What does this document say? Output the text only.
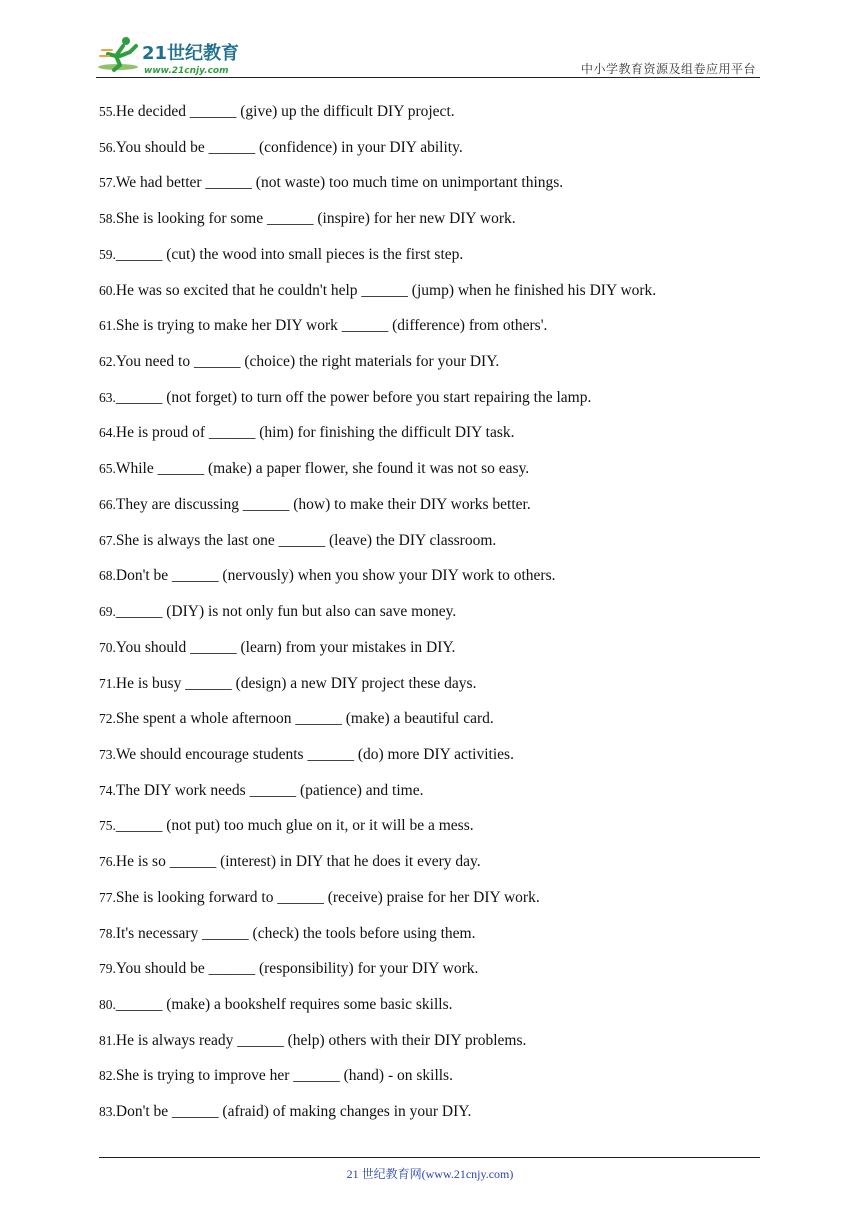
21世纪教育
www.21cnjy.com	中小学教育资源及组卷应用平台
55.He decided ______ (give) up the difficult DIY project.
56.You should be ______ (confidence) in your DIY ability.
57.We had better ______ (not waste) too much time on unimportant things.
58.She is looking for some ______ (inspire) for her new DIY work.
59.______ (cut) the wood into small pieces is the first step.
60.He was so excited that he couldn't help ______ (jump) when he finished his DIY work.
61.She is trying to make her DIY work ______ (difference) from others'.
62.You need to ______ (choice) the right materials for your DIY.
63.______ (not forget) to turn off the power before you start repairing the lamp.
64.He is proud of ______ (him) for finishing the difficult DIY task.
65.While ______ (make) a paper flower, she found it was not so easy.
66.They are discussing ______ (how) to make their DIY works better.
67.She is always the last one ______ (leave) the DIY classroom.
68.Don't be ______ (nervously) when you show your DIY work to others.
69.______ (DIY) is not only fun but also can save money.
70.You should ______ (learn) from your mistakes in DIY.
71.He is busy ______ (design) a new DIY project these days.
72.She spent a whole afternoon ______ (make) a beautiful card.
73.We should encourage students ______ (do) more DIY activities.
74.The DIY work needs ______ (patience) and time.
75.______ (not put) too much glue on it, or it will be a mess.
76.He is so ______ (interest) in DIY that he does it every day.
77.She is looking forward to ______ (receive) praise for her DIY work.
78.It's necessary ______ (check) the tools before using them.
79.You should be ______ (responsibility) for your DIY work.
80.______ (make) a bookshelf requires some basic skills.
81.He is always ready ______ (help) others with their DIY problems.
82.She is trying to improve her ______ (hand) - on skills.
83.Don't be ______ (afraid) of making changes in your DIY.
21 世纪教育网(www.21cnjy.com)
